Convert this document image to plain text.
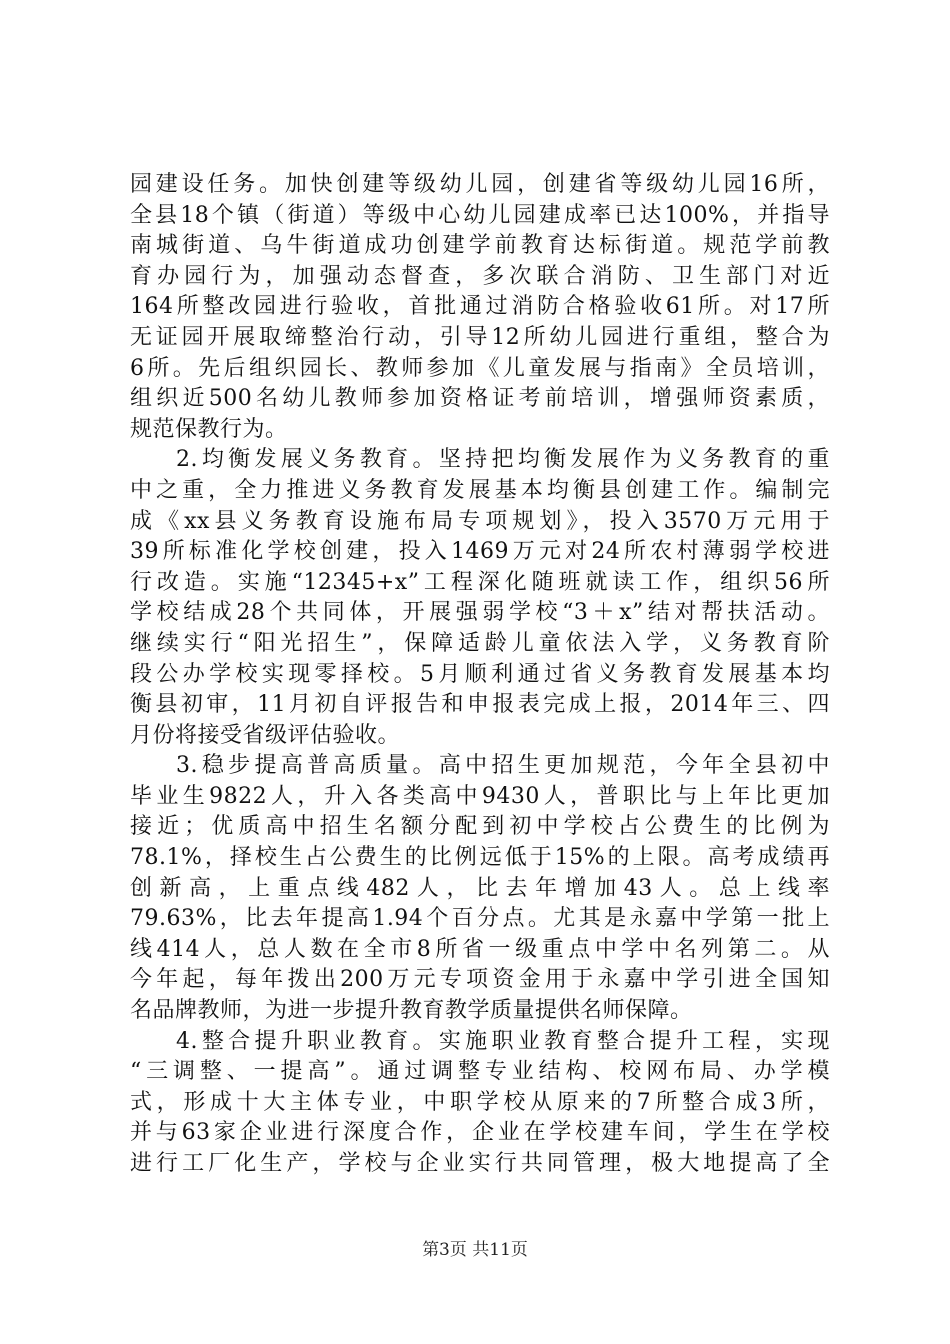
园建设任务。加快创建等级幼儿园，创建省等级幼儿园16所，
全县18个镇（街道）等级中心幼儿园建成率已达100%，并指导
南城街道、乌牛街道成功创建学前教育达标街道。规范学前教
育办园行为，加强动态督查，多次联合消防、卫生部门对近
164所整改园进行验收，首批通过消防合格验收61所。对17所
无证园开展取缔整治行动，引导12所幼儿园进行重组，整合为
6所。先后组织园长、教师参加《儿童发展与指南》全员培训，
组织近500名幼儿教师参加资格证考前培训，增强师资素质，
规范保教行为。
2.均衡发展义务教育。坚持把均衡发展作为义务教育的重
中之重，全力推进义务教育发展基本均衡县创建工作。编制完
成《xx县义务教育设施布局专项规划》，投入3570万元用于
39所标准化学校创建，投入1469万元对24所农村薄弱学校进
行改造。实施“12345+x”工程深化随班就读工作，组织56所
学校结成28个共同体，开展强弱学校“3＋x”结对帮扶活动。
继续实行“阳光招生”，保障适龄儿童依法入学，义务教育阶
段公办学校实现零择校。5月顺利通过省义务教育发展基本均
衡县初审，11月初自评报告和申报表完成上报，2014年三、四
月份将接受省级评估验收。
3.稳步提高普高质量。高中招生更加规范，今年全县初中
毕业生9822人，升入各类高中9430人，普职比与上年比更加
接近；优质高中招生名额分配到初中学校占公费生的比例为
78.1%，择校生占公费生的比例远低于15%的上限。高考成绩再
创新高，上重点线482人，比去年增加43人。总上线率
79.63%，比去年提高1.94个百分点。尤其是永嘉中学第一批上
线414人，总人数在全市8所省一级重点中学中名列第二。从
今年起，每年拨出200万元专项资金用于永嘉中学引进全国知
名品牌教师，为进一步提升教育教学质量提供名师保障。
4.整合提升职业教育。实施职业教育整合提升工程，实现
“三调整、一提高”。通过调整专业结构、校网布局、办学模
式，形成十大主体专业，中职学校从原来的7所整合成3所，
并与63家企业进行深度合作，企业在学校建车间，学生在学校
进行工厂化生产，学校与企业实行共同管理，极大地提高了全
第3页 共11页
